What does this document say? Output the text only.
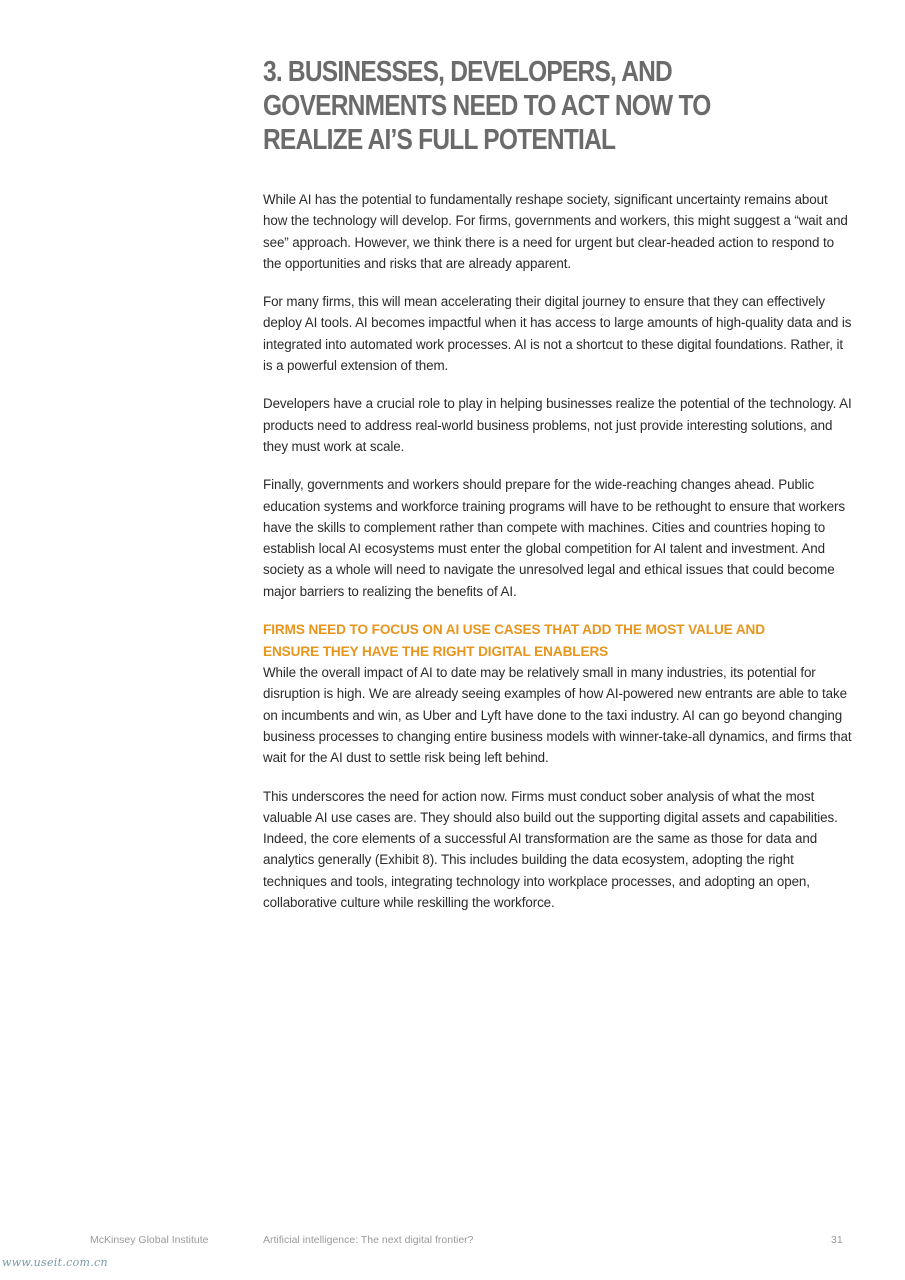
3. BUSINESSES, DEVELOPERS, AND GOVERNMENTS NEED TO ACT NOW TO REALIZE AI’S FULL POTENTIAL

While AI has the potential to fundamentally reshape society, significant uncertainty remains about how the technology will develop. For firms, governments and workers, this might suggest a “wait and see” approach. However, we think there is a need for urgent but clear-headed action to respond to the opportunities and risks that are already apparent.

For many firms, this will mean accelerating their digital journey to ensure that they can effectively deploy AI tools. AI becomes impactful when it has access to large amounts of high-quality data and is integrated into automated work processes. AI is not a shortcut to these digital foundations. Rather, it is a powerful extension of them.

Developers have a crucial role to play in helping businesses realize the potential of the technology. AI products need to address real-world business problems, not just provide interesting solutions, and they must work at scale.

Finally, governments and workers should prepare for the wide-reaching changes ahead. Public education systems and workforce training programs will have to be rethought to ensure that workers have the skills to complement rather than compete with machines. Cities and countries hoping to establish local AI ecosystems must enter the global competition for AI talent and investment. And society as a whole will need to navigate the unresolved legal and ethical issues that could become major barriers to realizing the benefits of AI.

FIRMS NEED TO FOCUS ON AI USE CASES THAT ADD THE MOST VALUE AND ENSURE THEY HAVE THE RIGHT DIGITAL ENABLERS

While the overall impact of AI to date may be relatively small in many industries, its potential for disruption is high. We are already seeing examples of how AI-powered new entrants are able to take on incumbents and win, as Uber and Lyft have done to the taxi industry. AI can go beyond changing business processes to changing entire business models with winner-take-all dynamics, and firms that wait for the AI dust to settle risk being left behind.

This underscores the need for action now. Firms must conduct sober analysis of what the most valuable AI use cases are. They should also build out the supporting digital assets and capabilities. Indeed, the core elements of a successful AI transformation are the same as those for data and analytics generally (Exhibit 8). This includes building the data ecosystem, adopting the right techniques and tools, integrating technology into workplace processes, and adopting an open, collaborative culture while reskilling the workforce.

McKinsey Global Institute	Artificial intelligence: The next digital frontier?	31
www.useit.com.cn
